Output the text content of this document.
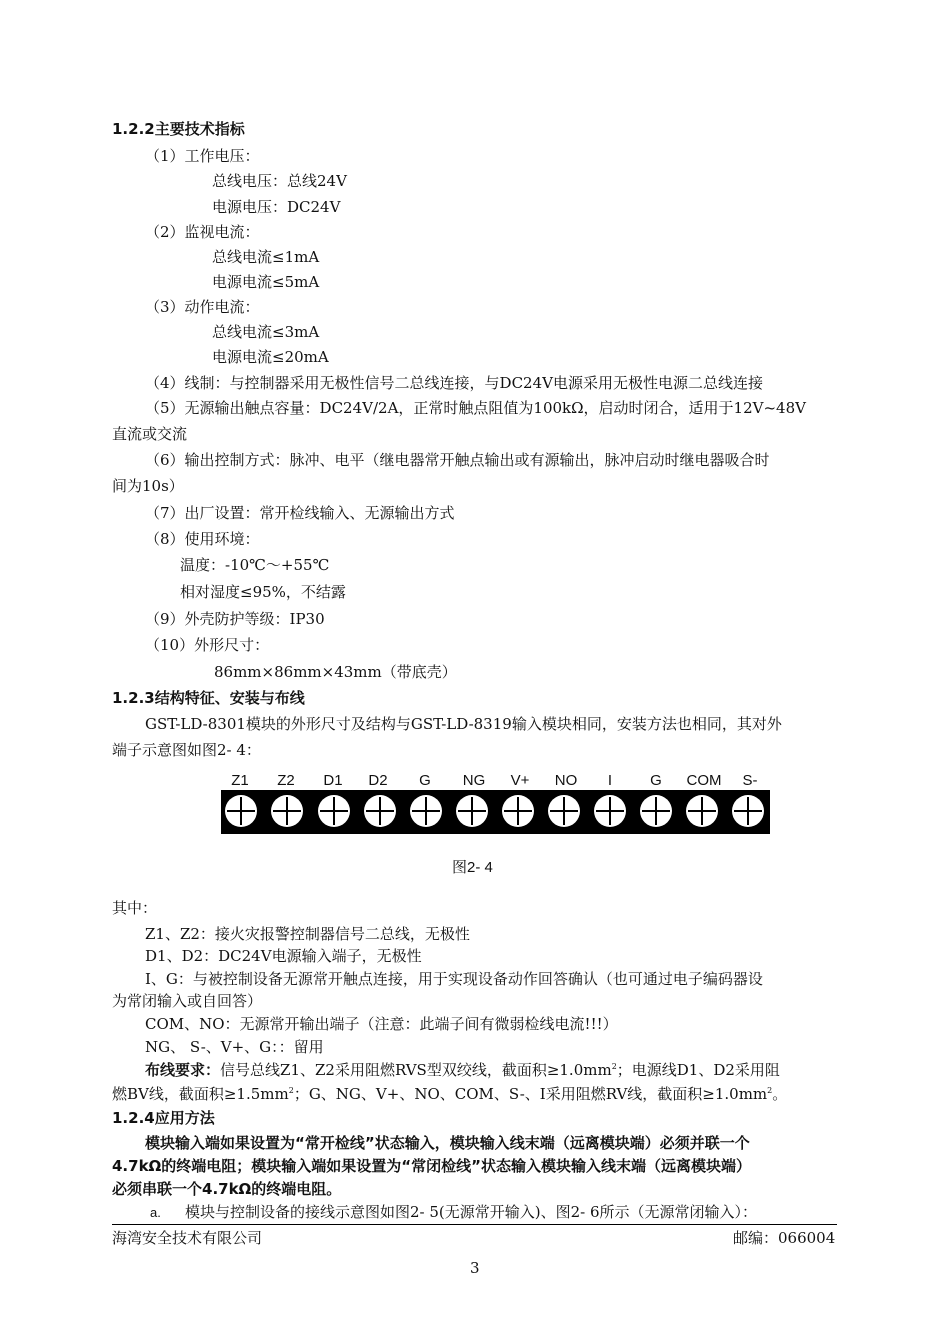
1.2.2主要技术指标
（1）工作电压：
总线电压：总线24V
电源电压：DC24V
（2）监视电流：
总线电流≤1mA
电源电流≤5mA
（3）动作电流：
总线电流≤3mA
电源电流≤20mA
（4）线制：与控制器采用无极性信号二总线连接，与DC24V电源采用无极性电源二总线连接
（5）无源输出触点容量：DC24V/2A，正常时触点阻值为100kΩ，启动时闭合，适用于12V~48V
直流或交流
（6）输出控制方式：脉冲、电平（继电器常开触点输出或有源输出，脉冲启动时继电器吸合时
间为10s）
（7）出厂设置：常开检线输入、无源输出方式
（8）使用环境：
温度：-10℃～+55℃
相对湿度≤95%，不结露
（9）外壳防护等级：IP30
（10）外形尺寸：
86mm×86mm×43mm（带底壳）
1.2.3结构特征、安装与布线
GST-LD-8301模块的外形尺寸及结构与GST-LD-8319输入模块相同，安装方法也相同，其对外
端子示意图如图2- 4：
Z1	Z2	D1	D2	G	NG	V+	NO	I	G	COM	S-
图2- 4
其中：
Z1、Z2：接火灾报警控制器信号二总线，无极性
D1、D2：DC24V电源输入端子，无极性
I、G：与被控制设备无源常开触点连接，用于实现设备动作回答确认（也可通过电子编码器设
为常闭输入或自回答）
COM、NO：无源常开输出端子（注意：此端子间有微弱检线电流!!!）
NG、 S-、V+、G：：留用
布线要求：信号总线Z1、Z2采用阻燃RVS型双绞线，截面积$\ge 1.0mm^2$；电源线D1、D2采用阻
燃BV线，截面积$\ge 1.5mm^2$；G、NG、V+、NO、COM、S-、I采用阻燃RV线，截面积$\ge 1.0mm^2$。
1.2.4应用方法
模块输入端如果设置为“常开检线”状态输入，模块输入线末端（远离模块端）必须并联一个
4.7kΩ的终端电阻；模块输入端如果设置为“常闭检线”状态输入模块输入线末端（远离模块端）
必须串联一个4.7kΩ的终端电阻。
a. 模块与控制设备的接线示意图如图2- 5(无源常开输入)、图2- 6所示（无源常闭输入）：
海湾安全技术有限公司	邮编：066004
3
